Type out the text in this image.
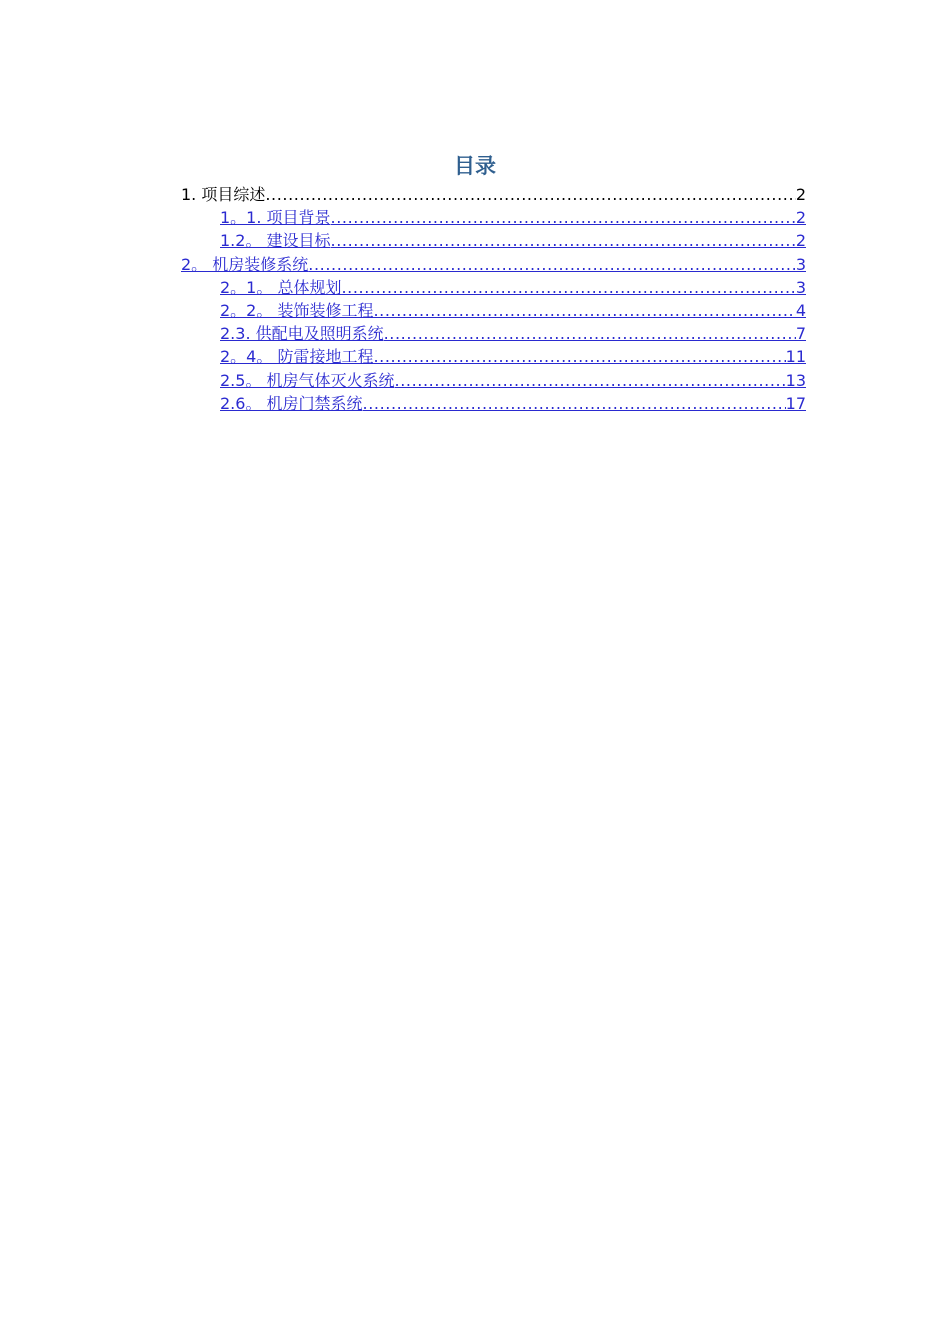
目录
1. 项目综述 .....	2
1。1. 项目背景 .....	2
1.2。 建设目标 .....	2
2。 机房装修系统 .....	3
2。1。 总体规划 .....	3
2。2。 装饰装修工程 .....	4
2.3. 供配电及照明系统 .....	7
2。4。 防雷接地工程 .....	11
2.5。 机房气体灭火系统 .....	13
2.6。 机房门禁系统 .....	17
